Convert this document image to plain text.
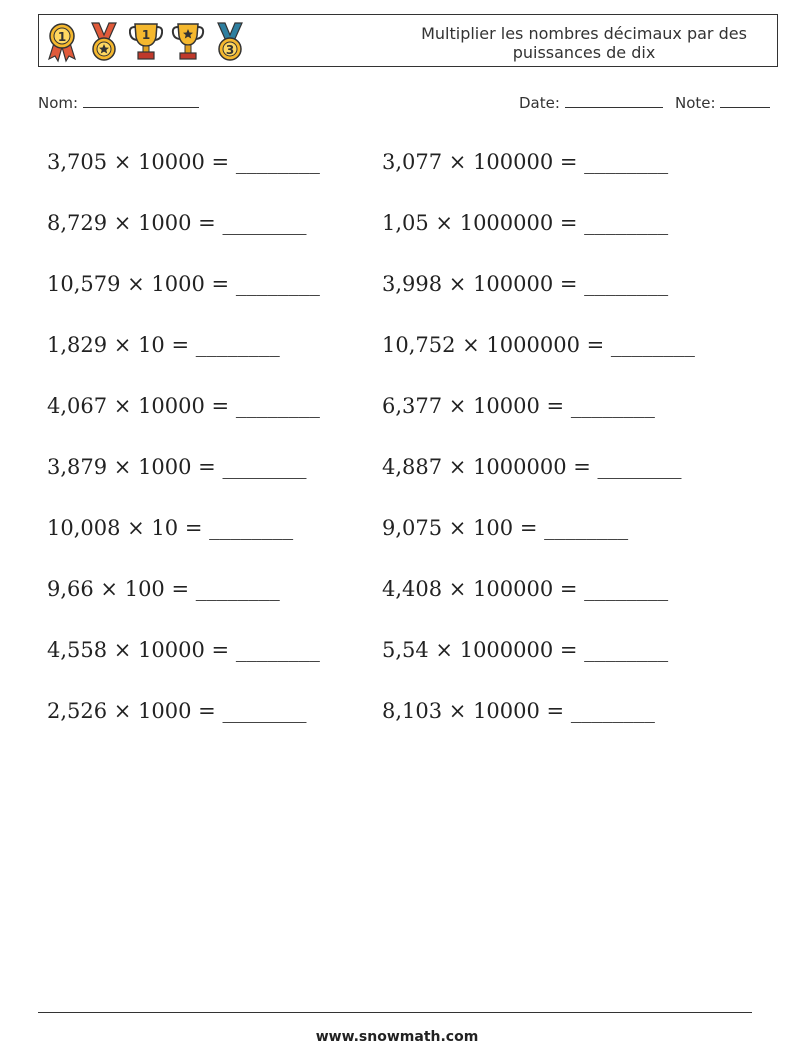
1	1
3
Multiplier les nombres décimaux par des puissances de dix
Nom:	Date:	Note:
3,705 × 10000 = ________	3,077 × 100000 = ________
8,729 × 1000 = ________	1,05 × 1000000 = ________
10,579 × 1000 = ________	3,998 × 100000 = ________
1,829 × 10 = ________	10,752 × 1000000 = ________
4,067 × 10000 = ________	6,377 × 10000 = ________
3,879 × 1000 = ________	4,887 × 1000000 = ________
10,008 × 10 = ________	9,075 × 100 = ________
9,66 × 100 = ________	4,408 × 100000 = ________
4,558 × 10000 = ________	5,54 × 1000000 = ________
2,526 × 1000 = ________	8,103 × 10000 = ________
www.snowmath.com
